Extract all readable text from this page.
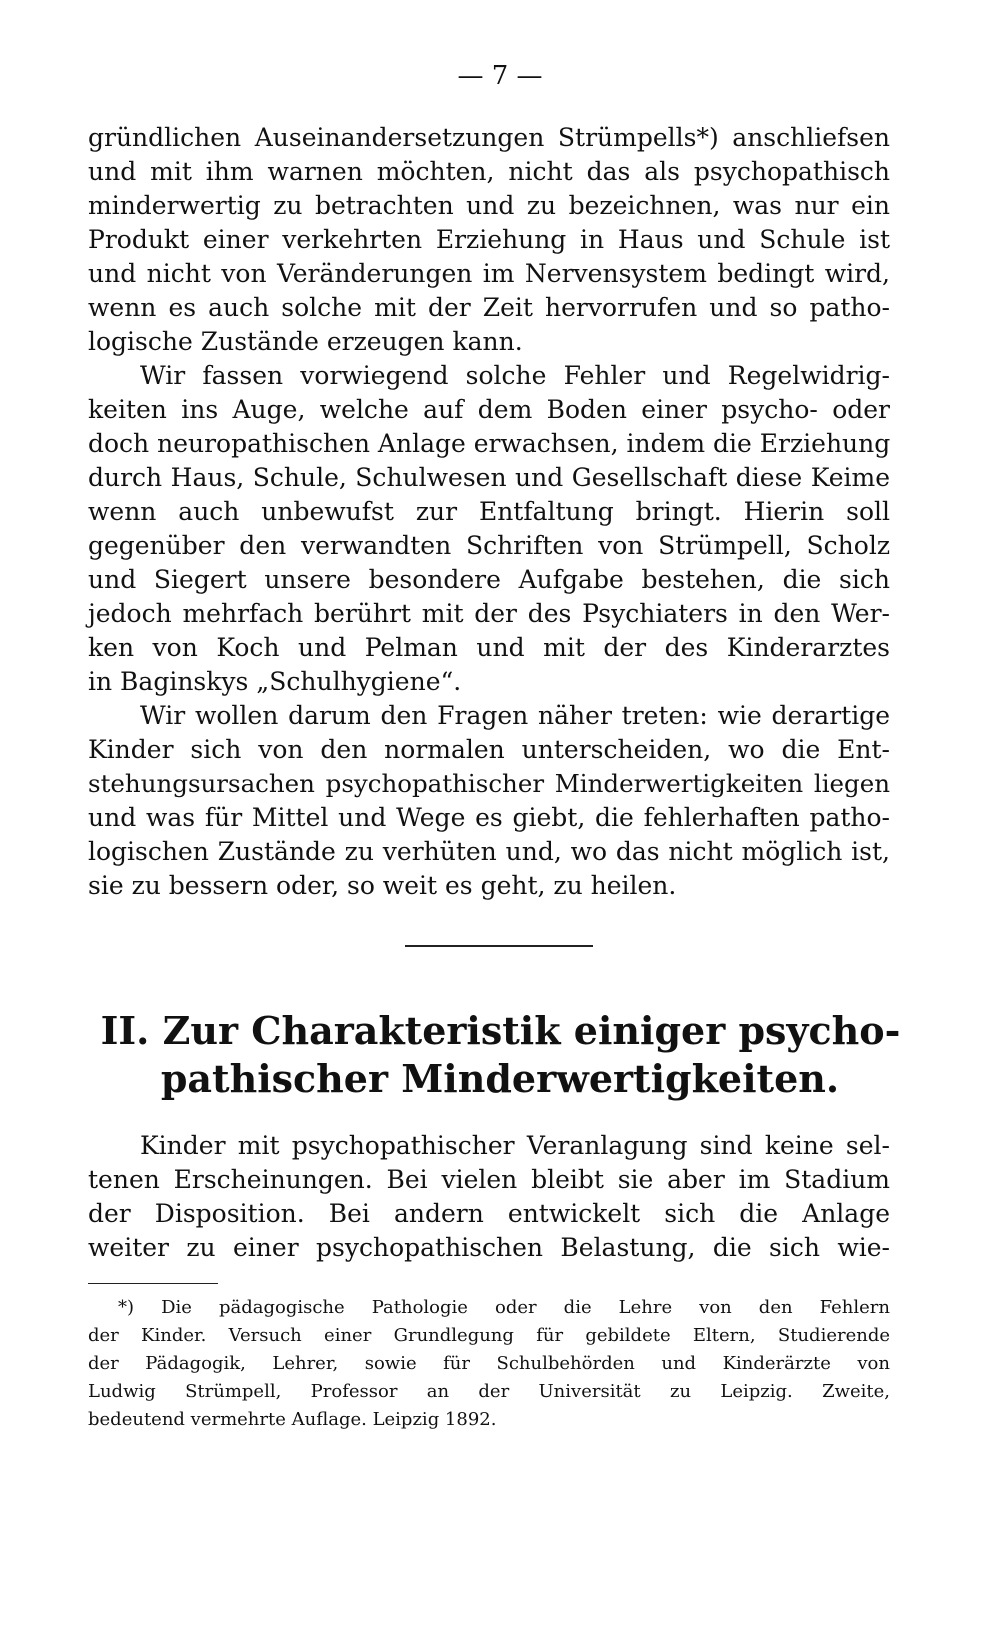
— 7 —
gründlichen Auseinandersetzungen Strümpells*) anschliefsen
und mit ihm warnen möchten, nicht das als psychopathisch
minderwertig zu betrachten und zu bezeichnen, was nur ein
Produkt einer verkehrten Erziehung in Haus und Schule ist
und nicht von Veränderungen im Nervensystem bedingt wird,
wenn es auch solche mit der Zeit hervorrufen und so patho-
logische Zustände erzeugen kann.
Wir fassen vorwiegend solche Fehler und Regelwidrig-
keiten ins Auge, welche auf dem Boden einer psycho- oder
doch neuropathischen Anlage erwachsen, indem die Erziehung
durch Haus, Schule, Schulwesen und Gesellschaft diese Keime
wenn auch unbewufst zur Entfaltung bringt. Hierin soll
gegenüber den verwandten Schriften von Strümpell, Scholz
und Siegert unsere besondere Aufgabe bestehen, die sich
jedoch mehrfach berührt mit der des Psychiaters in den Wer-
ken von Koch und Pelman und mit der des Kinderarztes
in Baginskys „Schulhygiene“.
Wir wollen darum den Fragen näher treten: wie derartige
Kinder sich von den normalen unterscheiden, wo die Ent-
stehungsursachen psychopathischer Minderwertigkeiten liegen
und was für Mittel und Wege es giebt, die fehlerhaften patho-
logischen Zustände zu verhüten und, wo das nicht möglich ist,
sie zu bessern oder, so weit es geht, zu heilen.
II. Zur Charakteristik einiger psycho-
pathischer Minderwertigkeiten.
Kinder mit psychopathischer Veranlagung sind keine sel-
tenen Erscheinungen. Bei vielen bleibt sie aber im Stadium
der Disposition. Bei andern entwickelt sich die Anlage
weiter zu einer psychopathischen Belastung, die sich wie-
*) Die pädagogische Pathologie oder die Lehre von den Fehlern
der Kinder. Versuch einer Grundlegung für gebildete Eltern, Studierende
der Pädagogik, Lehrer, sowie für Schulbehörden und Kinderärzte von
Ludwig Strümpell, Professor an der Universität zu Leipzig. Zweite,
bedeutend vermehrte Auflage. Leipzig 1892.
